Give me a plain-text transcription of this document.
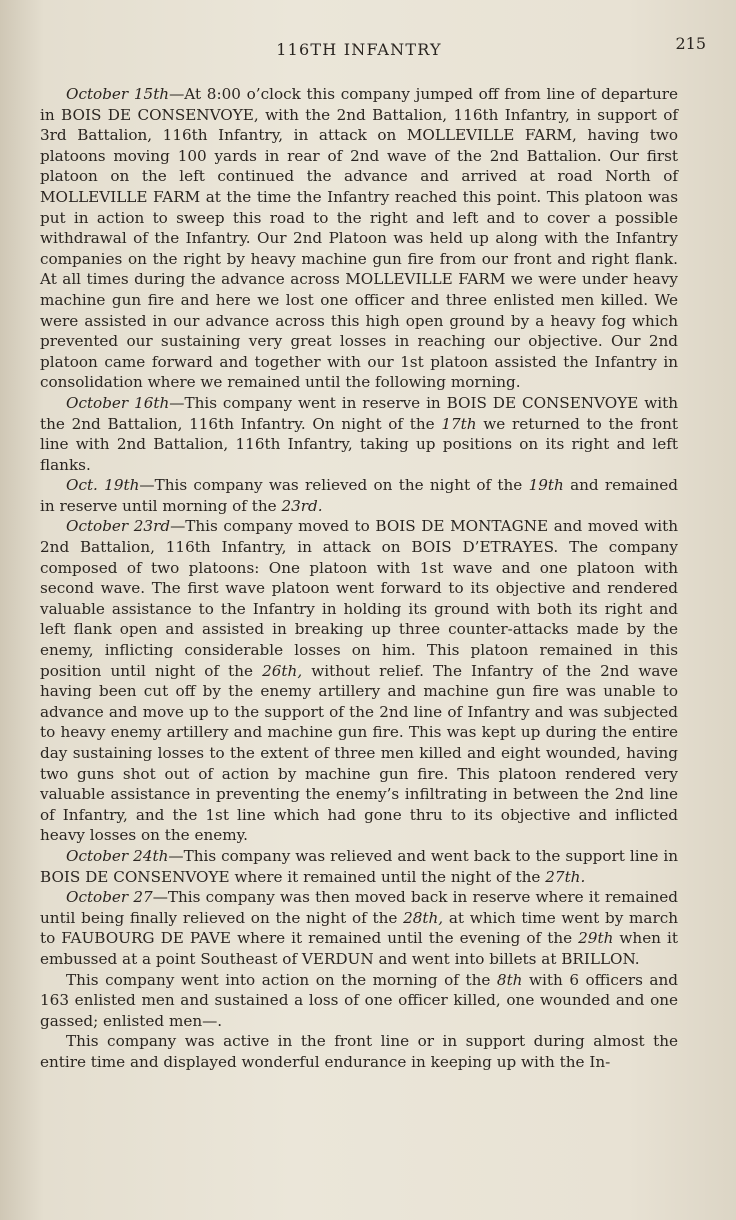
116TH INFANTRY	215

October 15th—At 8:00 o’clock this company jumped off from line of departure in BOIS DE CONSENVOYE, with the 2nd Battalion, 116th Infantry, in support of 3rd Battalion, 116th Infantry, in attack on MOLLEVILLE FARM, having two platoons moving 100 yards in rear of 2nd wave of the 2nd Battalion. Our first platoon on the left continued the advance and arrived at road North of MOLLEVILLE FARM at the time the Infantry reached this point. This platoon was put in action to sweep this road to the right and left and to cover a possible withdrawal of the Infantry. Our 2nd Platoon was held up along with the Infantry companies on the right by heavy machine gun fire from our front and right flank. At all times during the advance across MOLLEVILLE FARM we were under heavy machine gun fire and here we lost one officer and three enlisted men killed. We were assisted in our advance across this high open ground by a heavy fog which prevented our sustaining very great losses in reaching our objective. Our 2nd platoon came forward and together with our 1st platoon assisted the Infantry in consolidation where we remained until the following morning.

October 16th—This company went in reserve in BOIS DE CONSENVOYE with the 2nd Battalion, 116th Infantry. On night of the 17th we returned to the front line with 2nd Battalion, 116th Infantry, taking up positions on its right and left flanks.

Oct. 19th—This company was relieved on the night of the 19th and remained in reserve until morning of the 23rd.

October 23rd—This company moved to BOIS DE MONTAGNE and moved with 2nd Battalion, 116th Infantry, in attack on BOIS D’ETRAYES. The company composed of two platoons: One platoon with 1st wave and one platoon with second wave. The first wave platoon went forward to its objective and rendered valuable assistance to the Infantry in holding its ground with both its right and left flank open and assisted in breaking up three counter-attacks made by the enemy, inflicting considerable losses on him. This platoon remained in this position until night of the 26th, without relief. The Infantry of the 2nd wave having been cut off by the enemy artillery and machine gun fire was unable to advance and move up to the support of the 2nd line of Infantry and was subjected to heavy enemy artillery and machine gun fire. This was kept up during the entire day sustaining losses to the extent of three men killed and eight wounded, having two guns shot out of action by machine gun fire. This platoon rendered very valuable assistance in preventing the enemy’s infiltrating in between the 2nd line of Infantry, and the 1st line which had gone thru to its objective and inflicted heavy losses on the enemy.

October 24th—This company was relieved and went back to the support line in BOIS DE CONSENVOYE where it remained until the night of the 27th.

October 27—This company was then moved back in reserve where it remained until being finally relieved on the night of the 28th, at which time went by march to FAUBOURG DE PAVE where it remained until the evening of the 29th when it embussed at a point Southeast of VERDUN and went into billets at BRILLON.

This company went into action on the morning of the 8th with 6 officers and 163 enlisted men and sustained a loss of one officer killed, one wounded and one gassed; enlisted men—.

This company was active in the front line or in support during almost the entire time and displayed wonderful endurance in keeping up with the In-
